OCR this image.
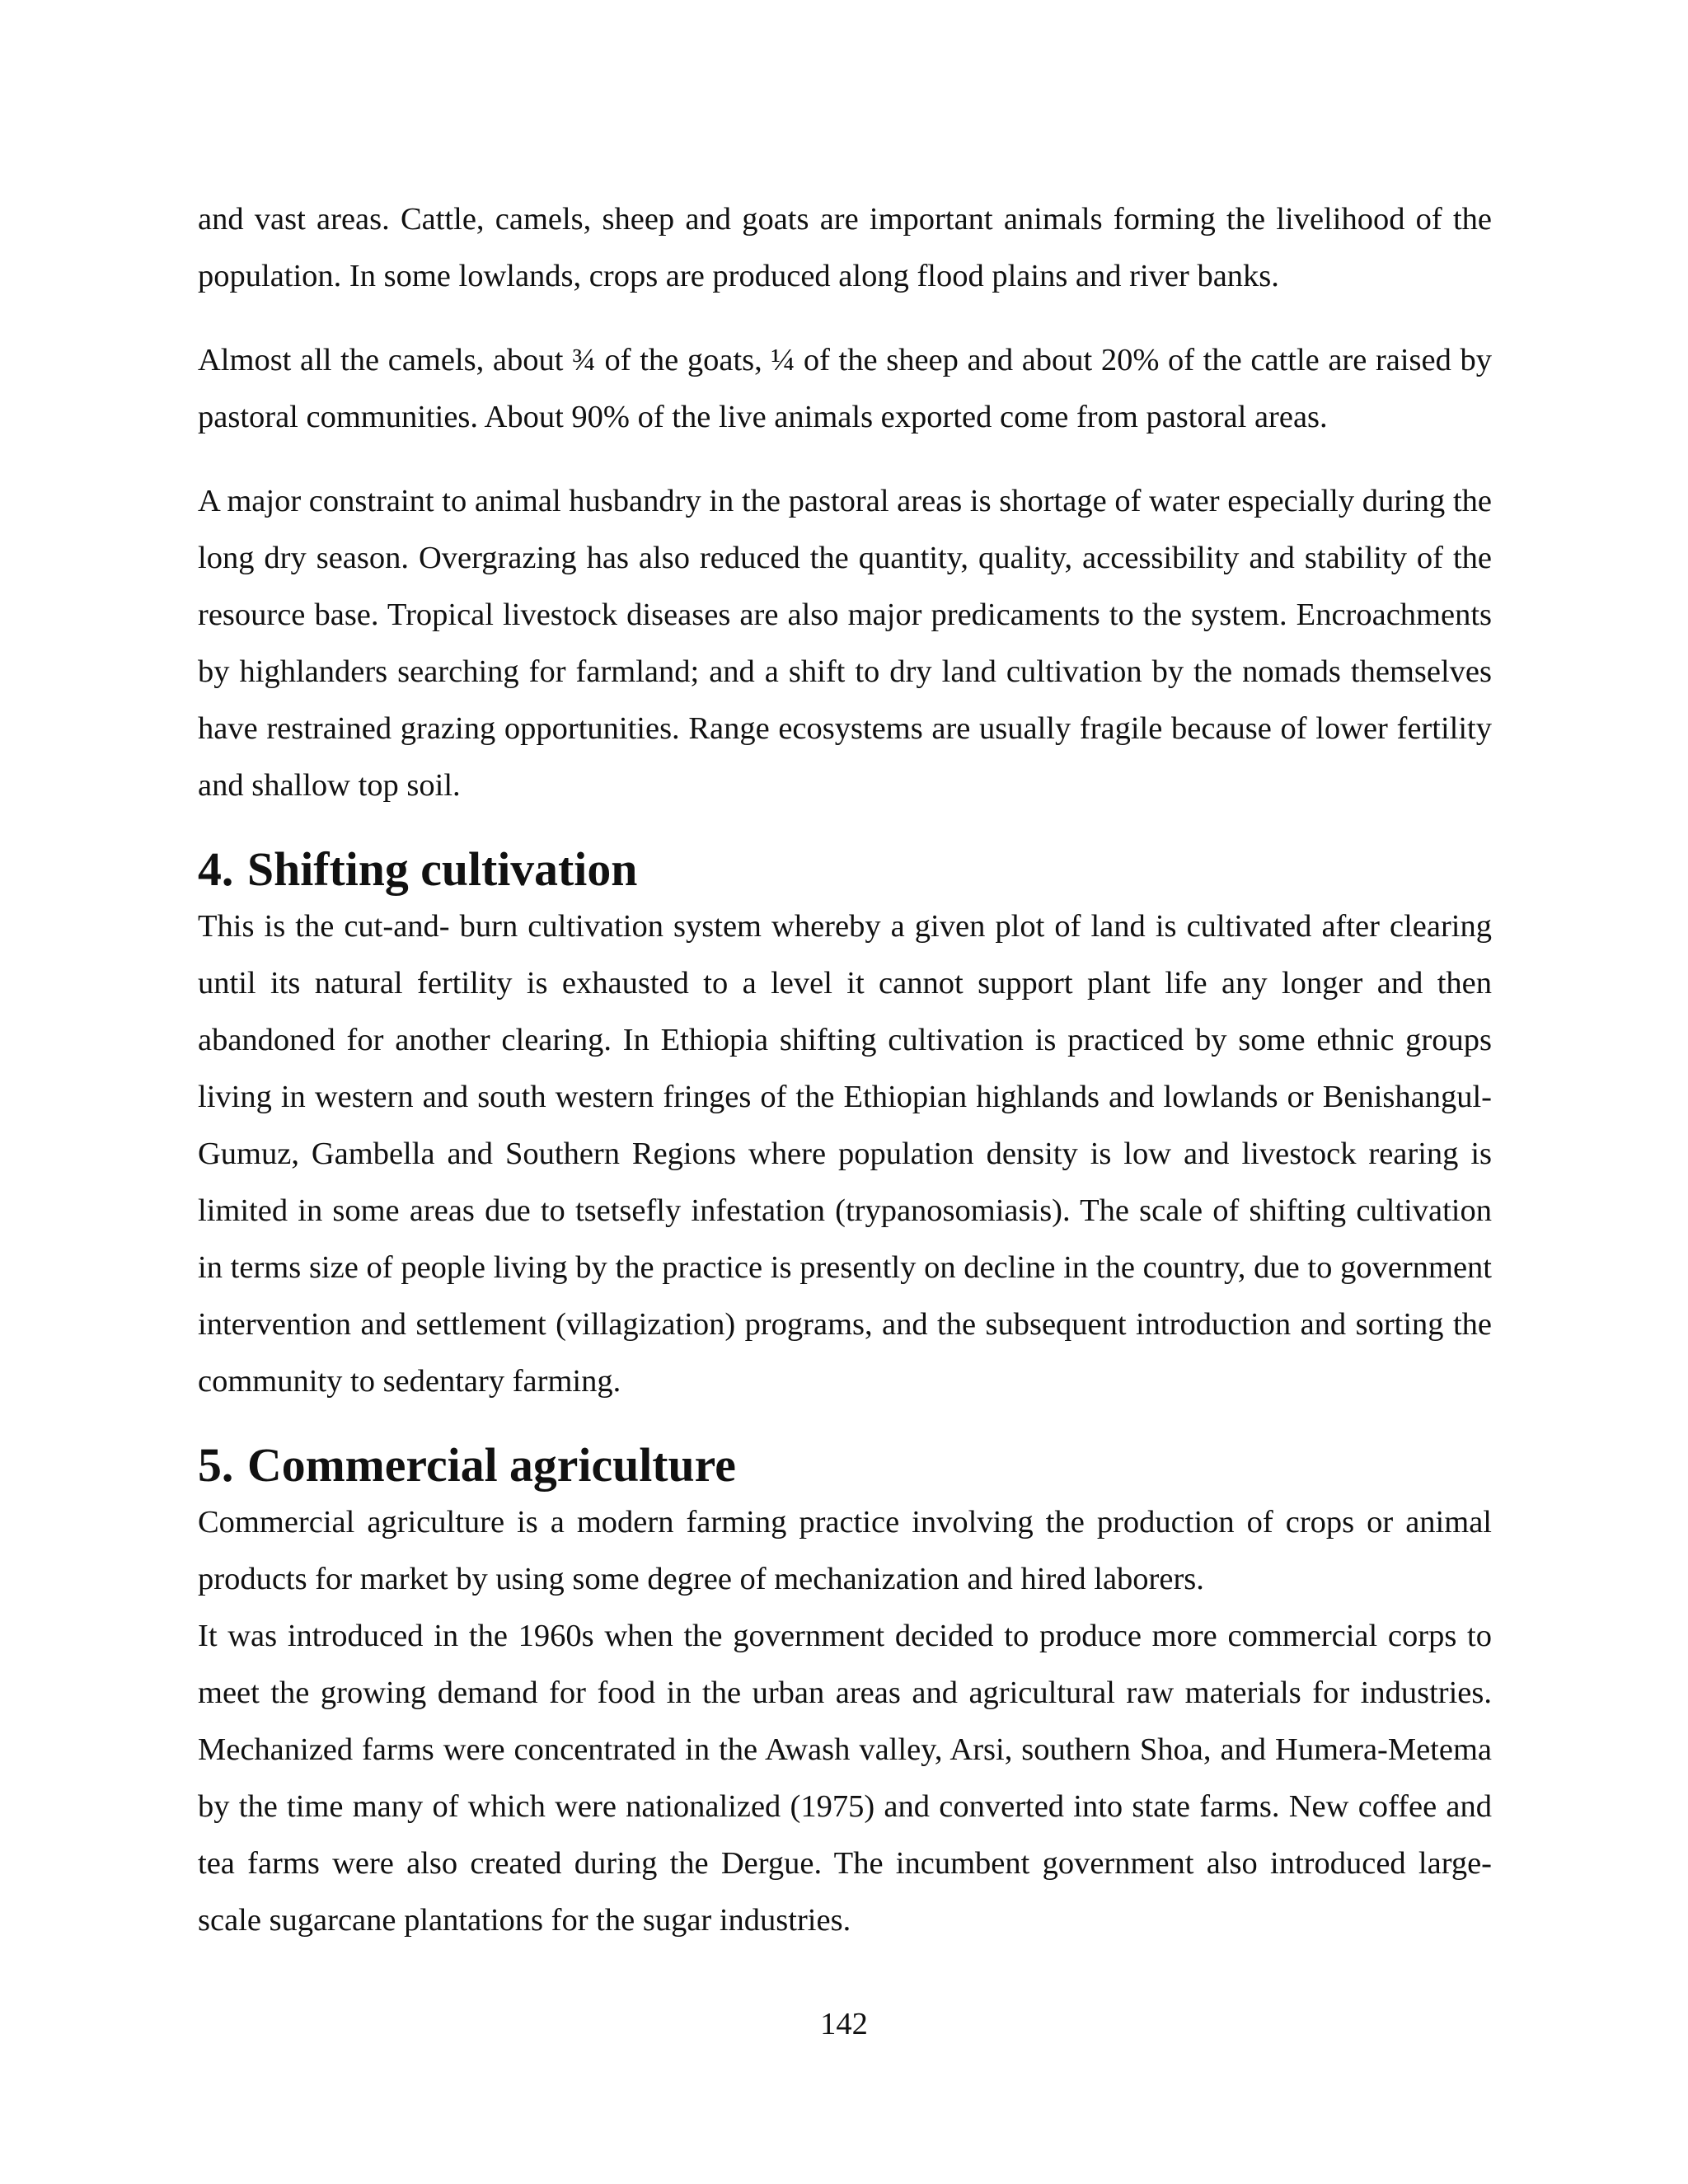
and vast areas. Cattle, camels, sheep and goats are important animals forming the livelihood of the population. In some lowlands, crops are produced along flood plains and river banks.

Almost all the camels, about ¾ of the goats, ¼ of the sheep and about 20% of the cattle are raised by pastoral communities. About 90% of the live animals exported come from pastoral areas.

A major constraint to animal husbandry in the pastoral areas is shortage of water especially during the long dry season. Overgrazing has also reduced the quantity, quality, accessibility and stability of the resource base. Tropical livestock diseases are also major predicaments to the system. Encroachments by highlanders searching for farmland; and a shift to dry land cultivation by the nomads themselves have restrained grazing opportunities. Range ecosystems are usually fragile because of lower fertility and shallow top soil.

4. Shifting cultivation

This is the cut-and- burn cultivation system whereby a given plot of land is cultivated after clearing until its natural fertility is exhausted to a level it cannot support plant life any longer and then abandoned for another clearing. In Ethiopia shifting cultivation is practiced by some ethnic groups living in western and south western fringes of the Ethiopian highlands and lowlands or Benishangul-Gumuz, Gambella and Southern Regions where population density is low and livestock rearing is limited in some areas due to tsetsefly infestation (trypanosomiasis). The scale of shifting cultivation in terms size of people living by the practice is presently on decline in the country, due to government intervention and settlement (villagization) programs, and the subsequent introduction and sorting the community to sedentary farming.

5. Commercial agriculture

Commercial agriculture is a modern farming practice involving the production of crops or animal products for market by using some degree of mechanization and hired laborers.

It was introduced in the 1960s when the government decided to produce more commercial corps to meet the growing demand for food in the urban areas and agricultural raw materials for industries. Mechanized farms were concentrated in the Awash valley, Arsi, southern Shoa, and Humera-Metema by the time many of which were nationalized (1975) and converted into state farms. New coffee and tea farms were also created during the Dergue. The incumbent government also introduced large-scale sugarcane plantations for the sugar industries.

142
